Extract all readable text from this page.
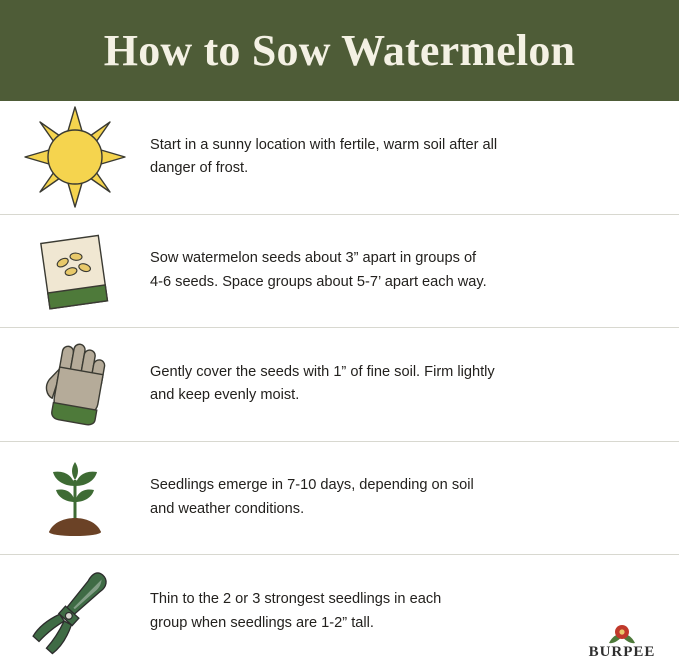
How to Sow Watermelon
Start in a sunny location with fertile, warm soil after all
danger of frost.
Sow watermelon seeds about 3” apart in groups of
4-6 seeds. Space groups about 5-7’ apart each way.
Gently cover the seeds with 1” of fine soil. Firm lightly
and keep evenly moist.
Seedlings emerge in 7-10 days, depending on soil
and weather conditions.
Thin to the 2 or 3 strongest seedlings in each
group when seedlings are 1-2” tall.
BURPEE
